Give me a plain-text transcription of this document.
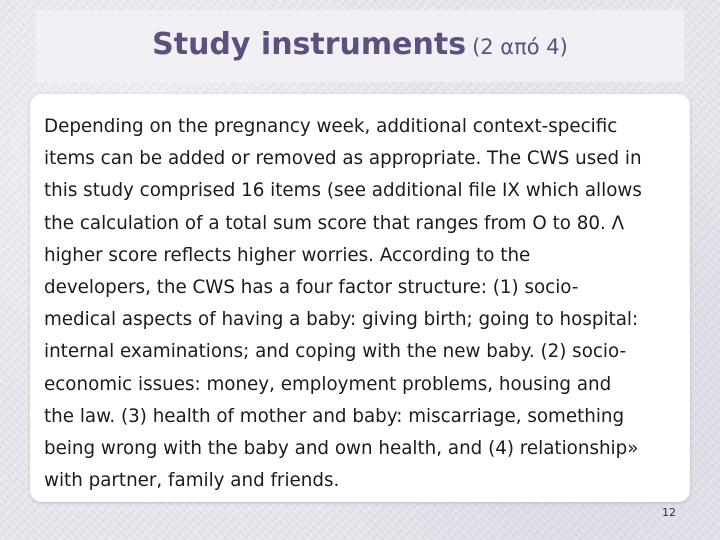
Study instruments (2 από 4)

Depending on the pregnancy week, additional context-specific
items can be added or removed as appropriate. The CWS used in
this study comprised 16 items (see additional file IX which allows
the calculation of a total sum score that ranges from O to 80. Λ
higher score reflects higher worries. According to the
developers, the CWS has a four factor structure: (1) socio-
medical aspects of having a baby: giving birth; going to hospital:
internal examinations; and coping with the new baby. (2) socio-
economic issues: money, employment problems, housing and
the law. (3) health of mother and baby: miscarriage, something
being wrong with the baby and own health, and (4) relationship»
with partner, family and friends.

12
